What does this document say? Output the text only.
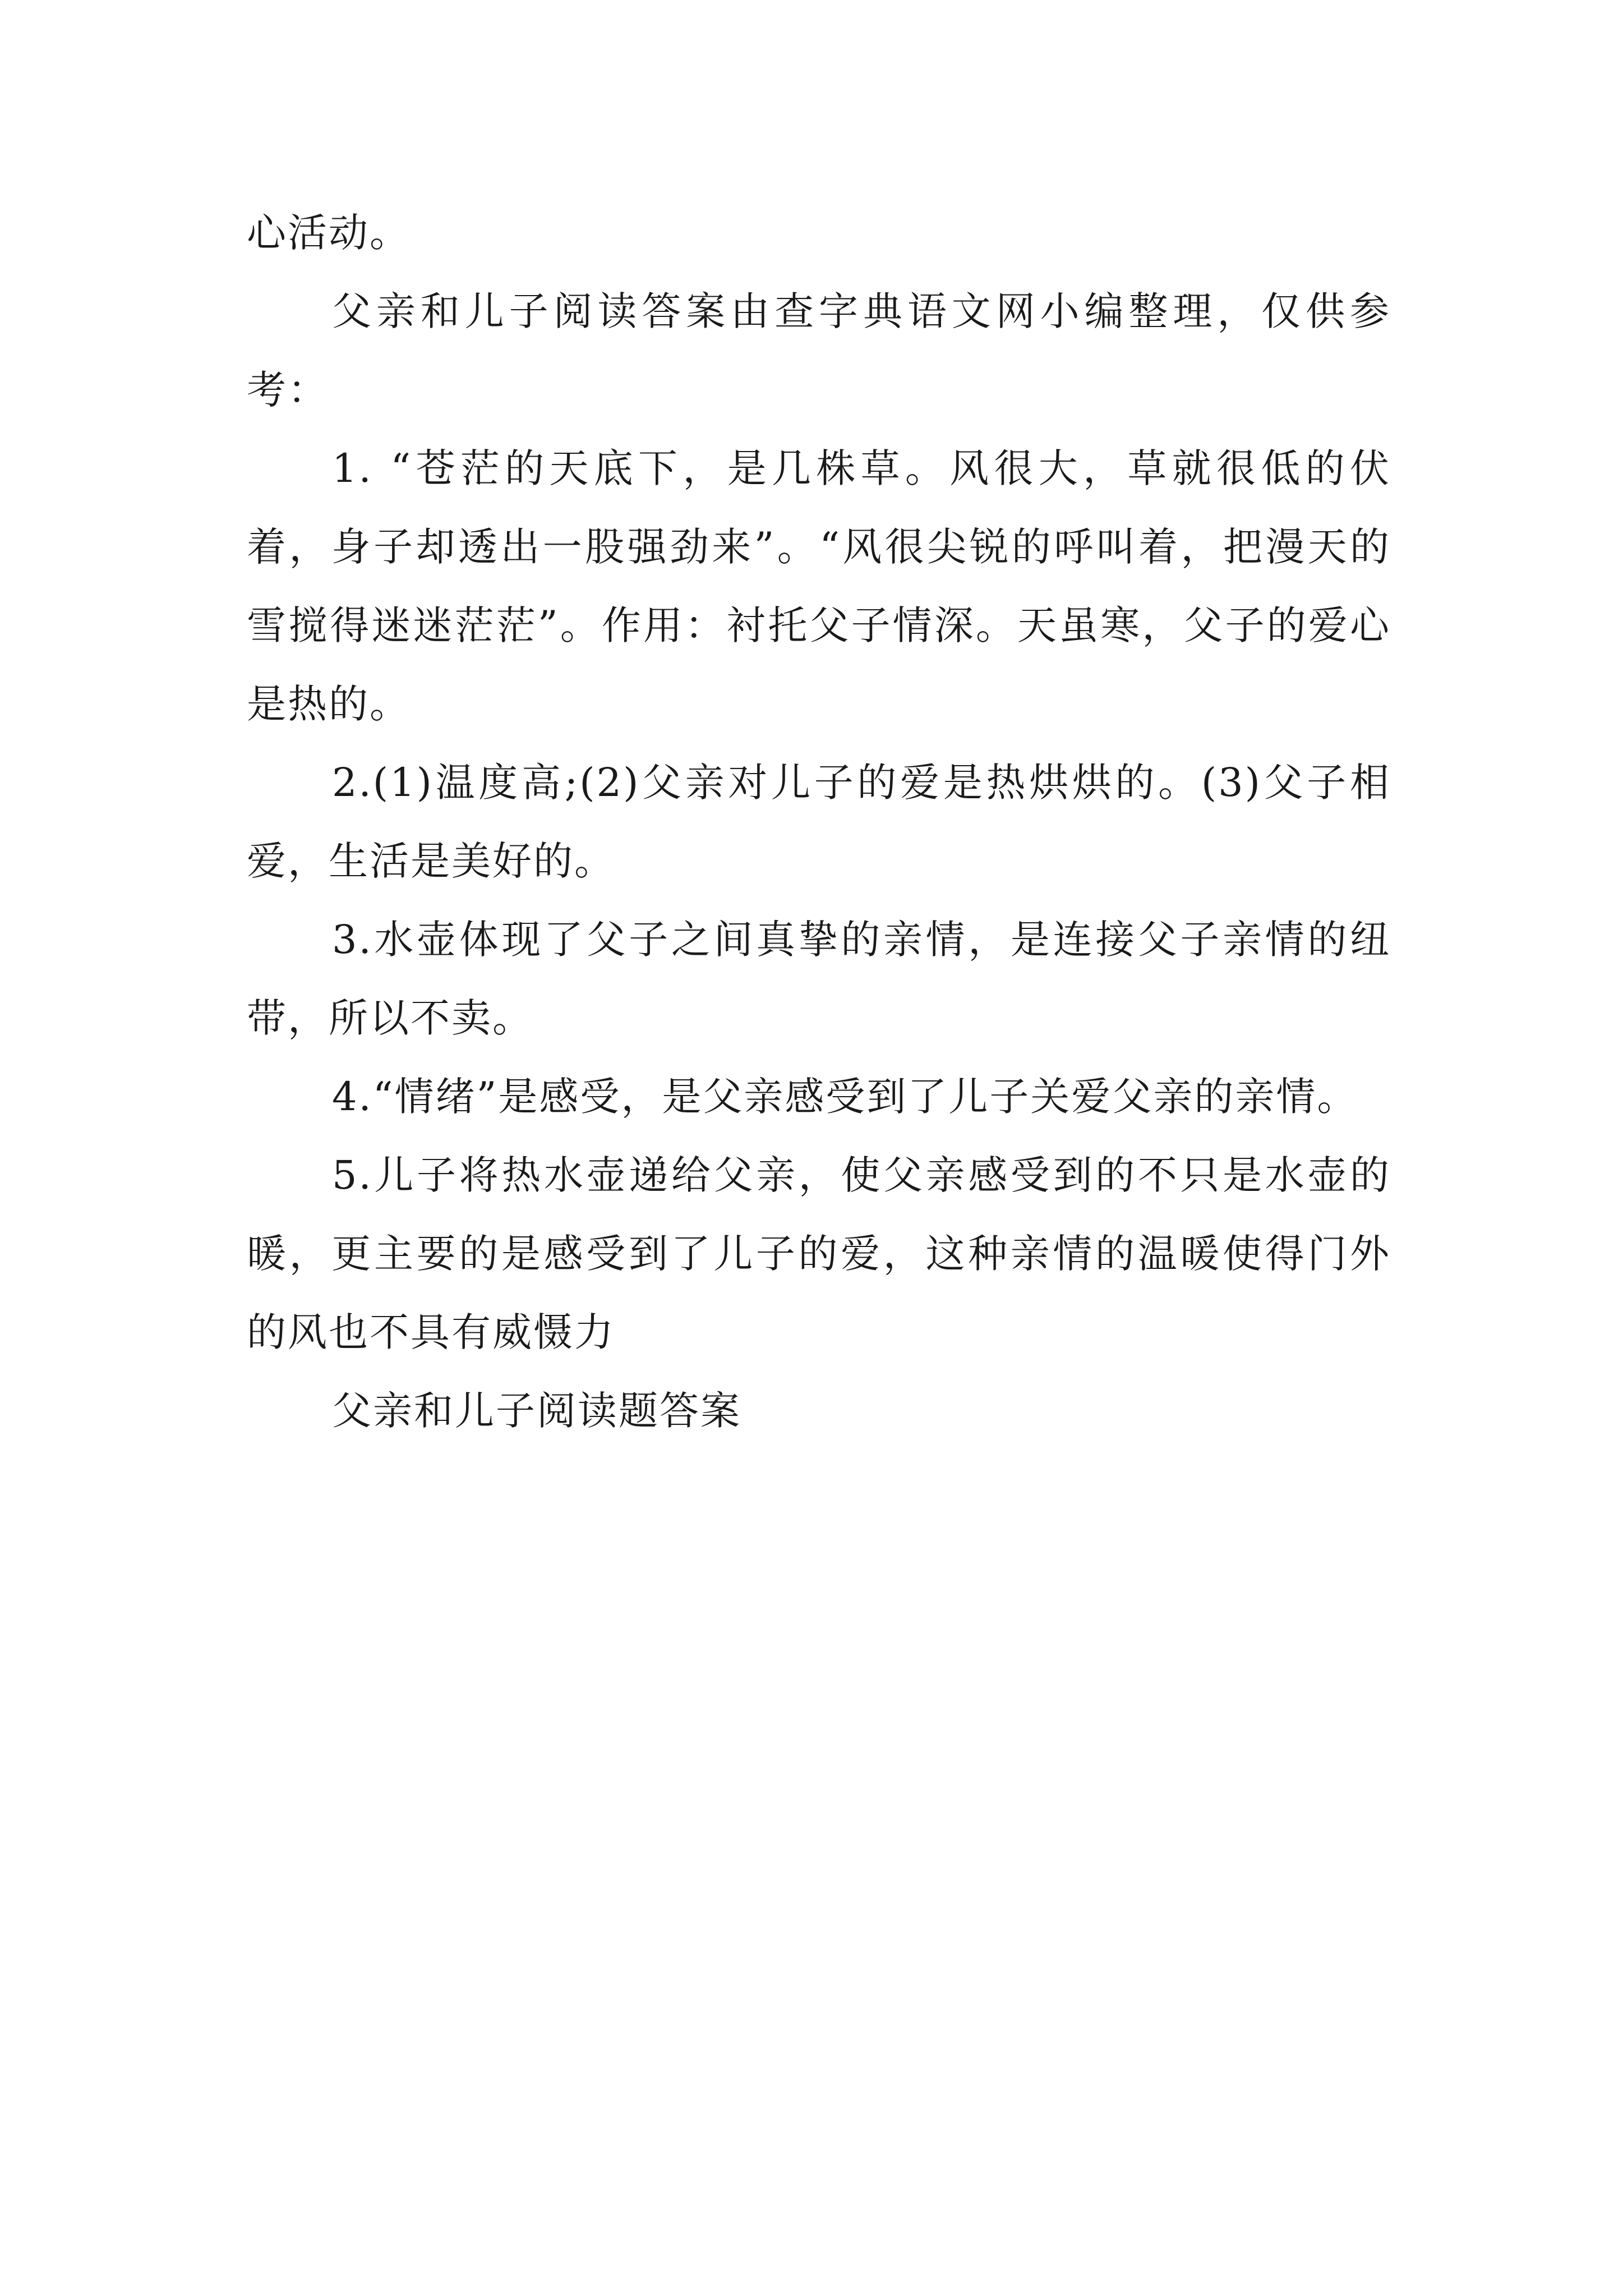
心活动。

父亲和儿子阅读答案由查字典语文网小编整理，仅供参考：

1. “苍茫的天底下，是几株草。风很大，草就很低的伏着，身子却透出一股强劲来”。“风很尖锐的呼叫着，把漫天的雪搅得迷迷茫茫”。作用：衬托父子情深。天虽寒，父子的爱心是热的。

2.(1)温度高;(2)父亲对儿子的爱是热烘烘的。(3)父子相爱，生活是美好的。

3.水壶体现了父子之间真挚的亲情，是连接父子亲情的纽带，所以不卖。

4.“情绪”是感受，是父亲感受到了儿子关爱父亲的亲情。

5.儿子将热水壶递给父亲，使父亲感受到的不只是水壶的暖，更主要的是感受到了儿子的爱，这种亲情的温暖使得门外的风也不具有威慑力

父亲和儿子阅读题答案
